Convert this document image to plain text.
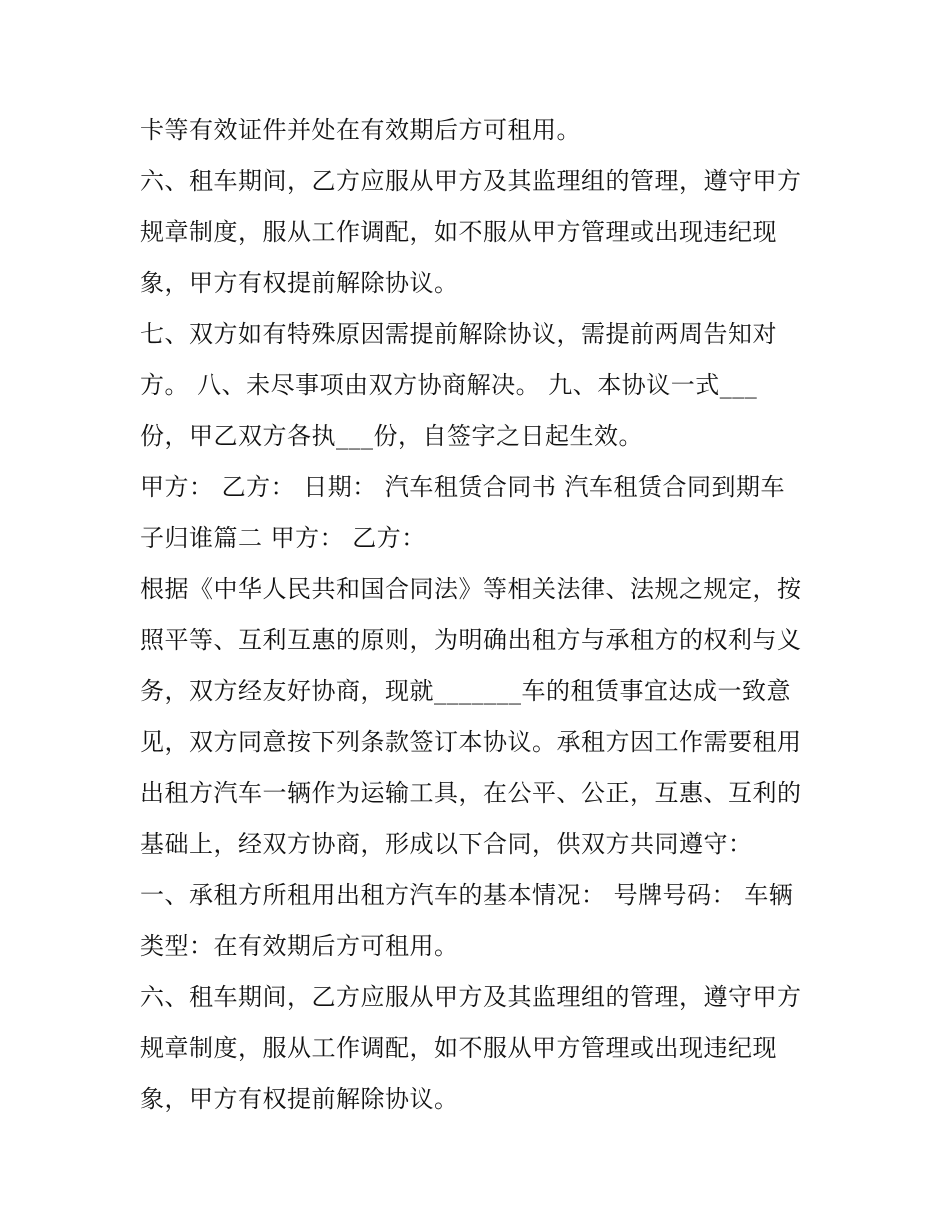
卡等有效证件并处在有效期后方可租用。
六、租车期间，乙方应服从甲方及其监理组的管理，遵守甲方
规章制度，服从工作调配，如不服从甲方管理或出现违纪现
象，甲方有权提前解除协议。
七、双方如有特殊原因需提前解除协议，需提前两周告知对
方。 八、未尽事项由双方协商解决。 九、本协议一式___
份，甲乙双方各执___份，自签字之日起生效。
甲方： 乙方： 日期： 汽车租赁合同书 汽车租赁合同到期车
子归谁篇二 甲方： 乙方：
根据《中华人民共和国合同法》等相关法律、法规之规定，按
照平等、互利互惠的原则，为明确出租方与承租方的权利与义
务，双方经友好协商，现就_______车的租赁事宜达成一致意
见，双方同意按下列条款签订本协议。承租方因工作需要租用
出租方汽车一辆作为运输工具，在公平、公正，互惠、互利的
基础上，经双方协商，形成以下合同，供双方共同遵守：
一、承租方所租用出租方汽车的基本情况： 号牌号码： 车辆
类型：在有效期后方可租用。
六、租车期间，乙方应服从甲方及其监理组的管理，遵守甲方
规章制度，服从工作调配，如不服从甲方管理或出现违纪现
象，甲方有权提前解除协议。
